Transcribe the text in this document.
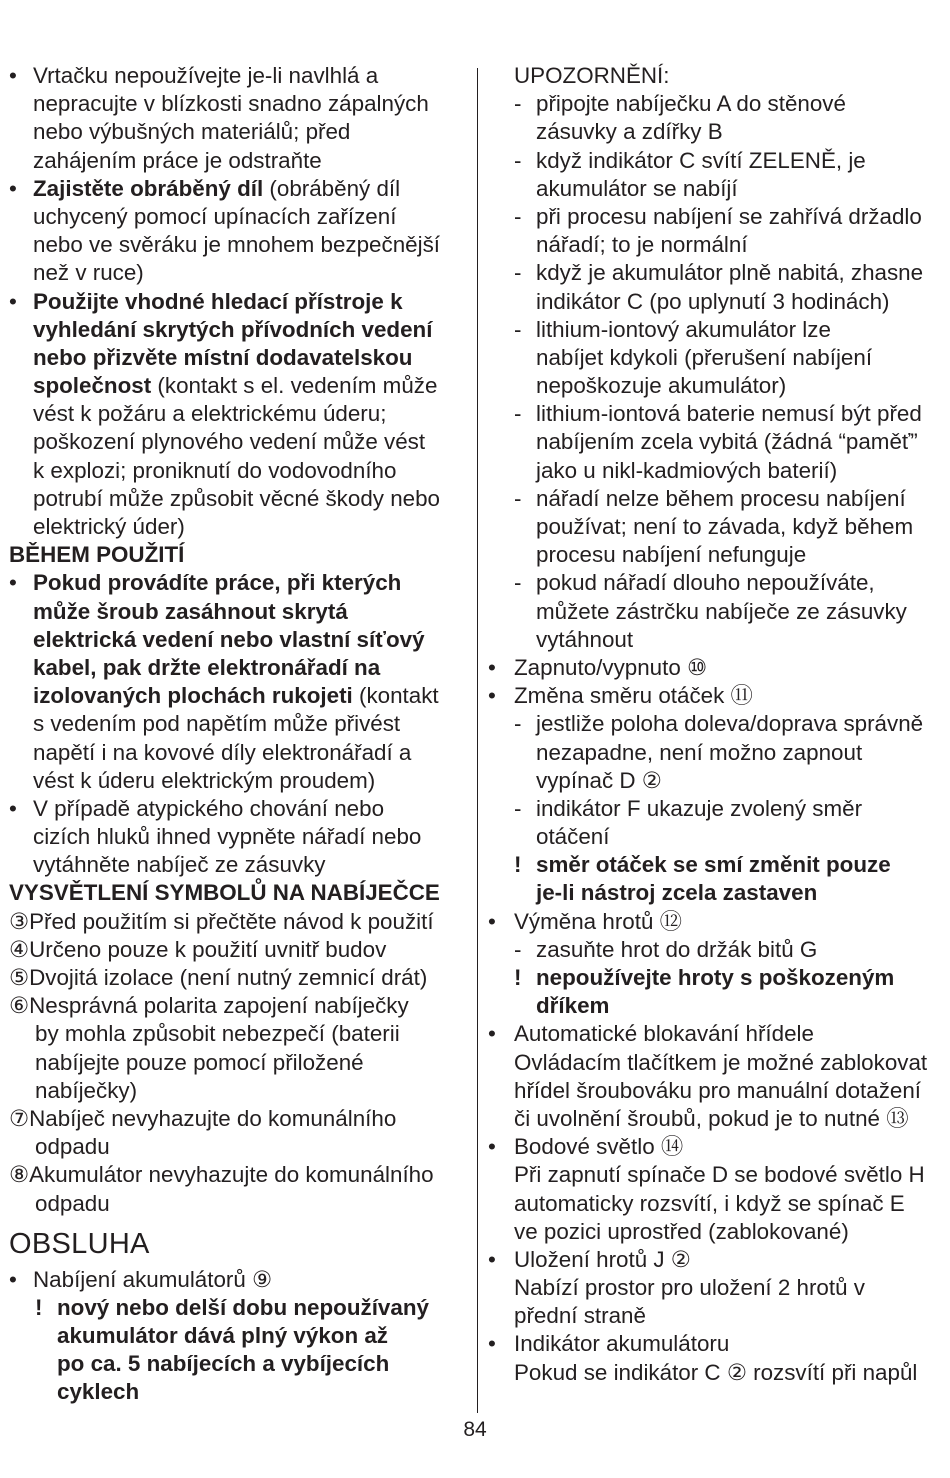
• Vrtačku nepoužívejte je-li navlhlá a
nepracujte v blízkosti snadno zápalných
nebo výbušných materiálů; před
zahájením práce je odstraňte
• Zajistěte obráběný díl (obráběný díl
uchycený pomocí upínacích zařízení
nebo ve svěráku je mnohem bezpečnější
než v ruce)
• Použijte vhodné hledací přístroje k
vyhledání skrytých přívodních vedení
nebo přizvěte místní dodavatelskou
společnost (kontakt s el. vedením může
vést k požáru a elektrickému úderu;
poškození plynového vedení může vést
k explozi; proniknutí do vodovodního
potrubí může způsobit věcné škody nebo
elektrický úder)
BĚHEM POUŽITÍ
• Pokud provádíte práce, při kterých
může šroub zasáhnout skrytá
elektrická vedení nebo vlastní síťový
kabel, pak držte elektronářadí na
izolovaných plochách rukojeti (kontakt
s vedením pod napětím může přivést
napětí i na kovové díly elektronářadí a
vést k úderu elektrickým proudem)
• V případě atypického chování nebo
cizích hluků ihned vypněte nářadí nebo
vytáhněte nabíječ ze zásuvky
VYSVĚTLENÍ SYMBOLŮ NA NABÍJEČCE
③Před použitím si přečtěte návod k použití
④Určeno pouze k použití uvnitř budov
⑤Dvojitá izolace (není nutný zemnicí drát)
⑥Nesprávná polarita zapojení nabíječky
by mohla způsobit nebezpečí (baterii
nabíjejte pouze pomocí přiložené
nabíječky)
⑦Nabíječ nevyhazujte do komunálního
odpadu
⑧Akumulátor nevyhazujte do komunálního
odpadu
OBSLUHA
• Nabíjení akumulátorů ⑨
! nový nebo delší dobu nepoužívaný
akumulátor dává plný výkon až
po ca. 5 nabíjecích a vybíjecích
cyklech
UPOZORNĚNÍ:
- připojte nabíječku A do stěnové
zásuvky a zdířky B
- když indikátor C svítí ZELENĚ, je
akumulátor se nabíjí
- při procesu nabíjení se zahřívá držadlo
nářadí; to je normální
- když je akumulátor plně nabitá, zhasne
indikátor C (po uplynutí 3 hodinách)
- lithium-iontový akumulátor lze
nabíjet kdykoli (přerušení nabíjení
nepoškozuje akumulátor)
- lithium-iontová baterie nemusí být před
nabíjením zcela vybitá (žádná “paměť”
jako u nikl-kadmiových baterií)
- nářadí nelze během procesu nabíjení
používat; není to závada, když během
procesu nabíjení nefunguje
- pokud nářadí dlouho nepoužíváte,
můžete zástrčku nabíječe ze zásuvky
vytáhnout
• Zapnuto/vypnuto ⑩
• Změna směru otáček ⑪
- jestliže poloha doleva/doprava správně
nezapadne, není možno zapnout
vypínač D ②
- indikátor F ukazuje zvolený směr
otáčení
! směr otáček se smí změnit pouze
je-li nástroj zcela zastaven
• Výměna hrotů ⑫
- zasuňte hrot do držák bitů G
! nepoužívejte hroty s poškozeným
dříkem
• Automatické blokavání hřídele
Ovládacím tlačítkem je možné zablokovat
hřídel šroubováku pro manuální dotažení
či uvolnění šroubů, pokud je to nutné ⑬
• Bodové světlo ⑭
Při zapnutí spínače D se bodové světlo H
automaticky rozsvítí, i když se spínač E
ve pozici uprostřed (zablokované)
• Uložení hrotů J ②
Nabízí prostor pro uložení 2 hrotů v
přední straně
• Indikátor akumulátoru
Pokud se indikátor C ② rozsvítí při napůl
84
